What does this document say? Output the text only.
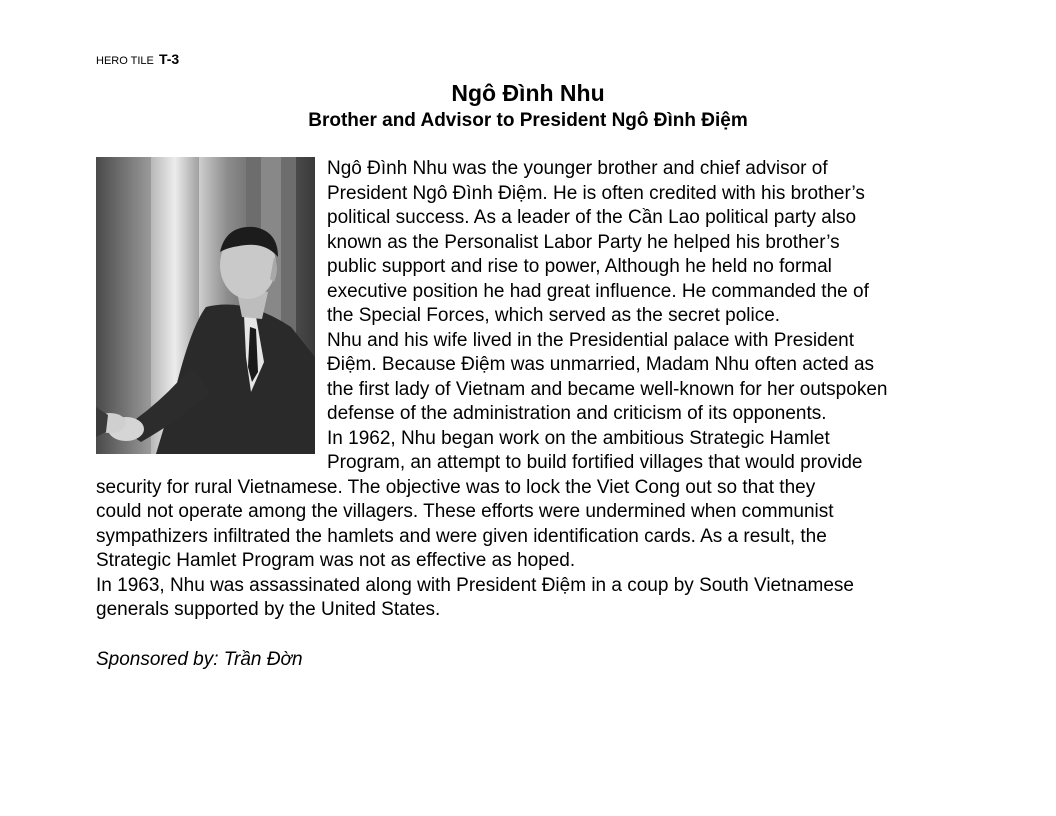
HERO TILE T-3
Ngô Đình Nhu
Brother and Advisor to President Ngô Đình Điệm
Ngô Đình Nhu was the younger brother and chief advisor of
President Ngô Đình Điệm. He is often credited with his brother’s
political success. As a leader of the Cần Lao political party also
known as the Personalist Labor Party he helped his brother’s
public support and rise to power, Although he held no formal
executive position he had great influence. He commanded the of
the Special Forces, which served as the secret police.
Nhu and his wife lived in the Presidential palace with President
Điệm. Because Điệm was unmarried, Madam Nhu often acted as
the first lady of Vietnam and became well-known for her outspoken
defense of the administration and criticism of its opponents.
In 1962, Nhu began work on the ambitious Strategic Hamlet
Program, an attempt to build fortified villages that would provide
security for rural Vietnamese. The objective was to lock the Viet Cong out so that they
could not operate among the villagers. These efforts were undermined when communist
sympathizers infiltrated the hamlets and were given identification cards. As a result, the
Strategic Hamlet Program was not as effective as hoped.
In 1963, Nhu was assassinated along with President Điệm in a coup by South Vietnamese
generals supported by the United States.
Sponsored by: Trần Đờn
